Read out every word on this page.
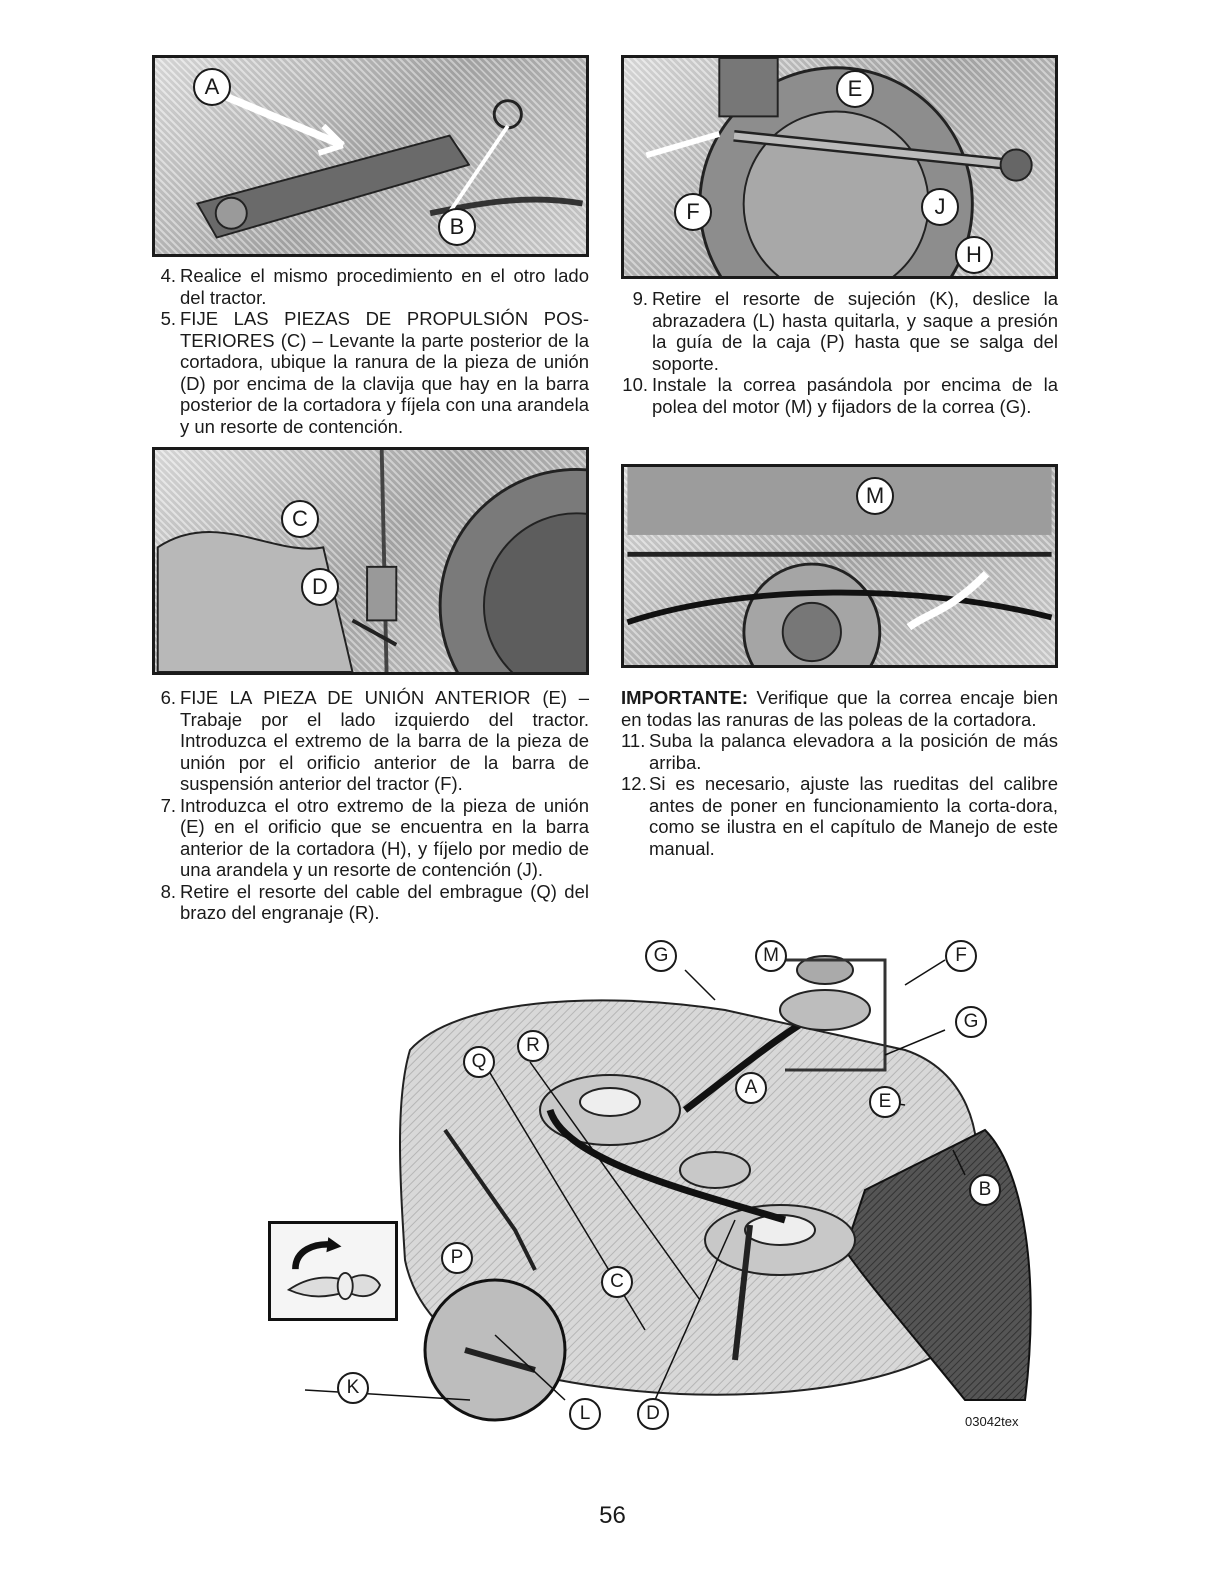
A
B
E
F	J
H
4. Realice el mismo procedimiento en el otro lado del tractor.
5. FIJE LAS PIEZAS DE PROPULSIÓN POS-TERIORES (C) – Levante la parte posterior de la cortadora, ubique la ranura de la pieza de unión (D) por encima de la clavija que hay en la barra posterior de la cortadora y fíjela con una arandela y un resorte de contención.
9. Retire el resorte de sujeción (K), deslice la abrazadera (L) hasta quitarla, y saque a presión la guía de la caja (P) hasta que se salga del soporte.
10. Instale la correa pasándola por encima de la polea del motor (M) y fijadors de la correa (G).
C
D
M
6. FIJE LA PIEZA DE UNIÓN ANTERIOR (E) – Trabaje por el lado izquierdo del tractor. Introduzca el extremo de la barra de la pieza de unión por el orificio anterior de la barra de suspensión anterior del tractor (F).
7. Introduzca el otro extremo de la pieza de unión (E) en el orificio que se encuentra en la barra anterior de la cortadora (H), y fíjelo por medio de una arandela y un resorte de contención (J).
8. Retire el resorte del cable del embrague (Q) del brazo del engranaje (R).
IMPORTANTE: Verifique que la correa encaje bien en todas las ranuras de las poleas de la cortadora.
11. Suba la palanca elevadora a la posición de más arriba.
12. Si es necesario, ajuste las rueditas del calibre antes de poner en funcionamiento la corta-dora, como se ilustra en el capítulo de Manejo de este manual.
G	M	F
G
R
Q
A
E
B
P
C
K
L	D	03042tex
56
